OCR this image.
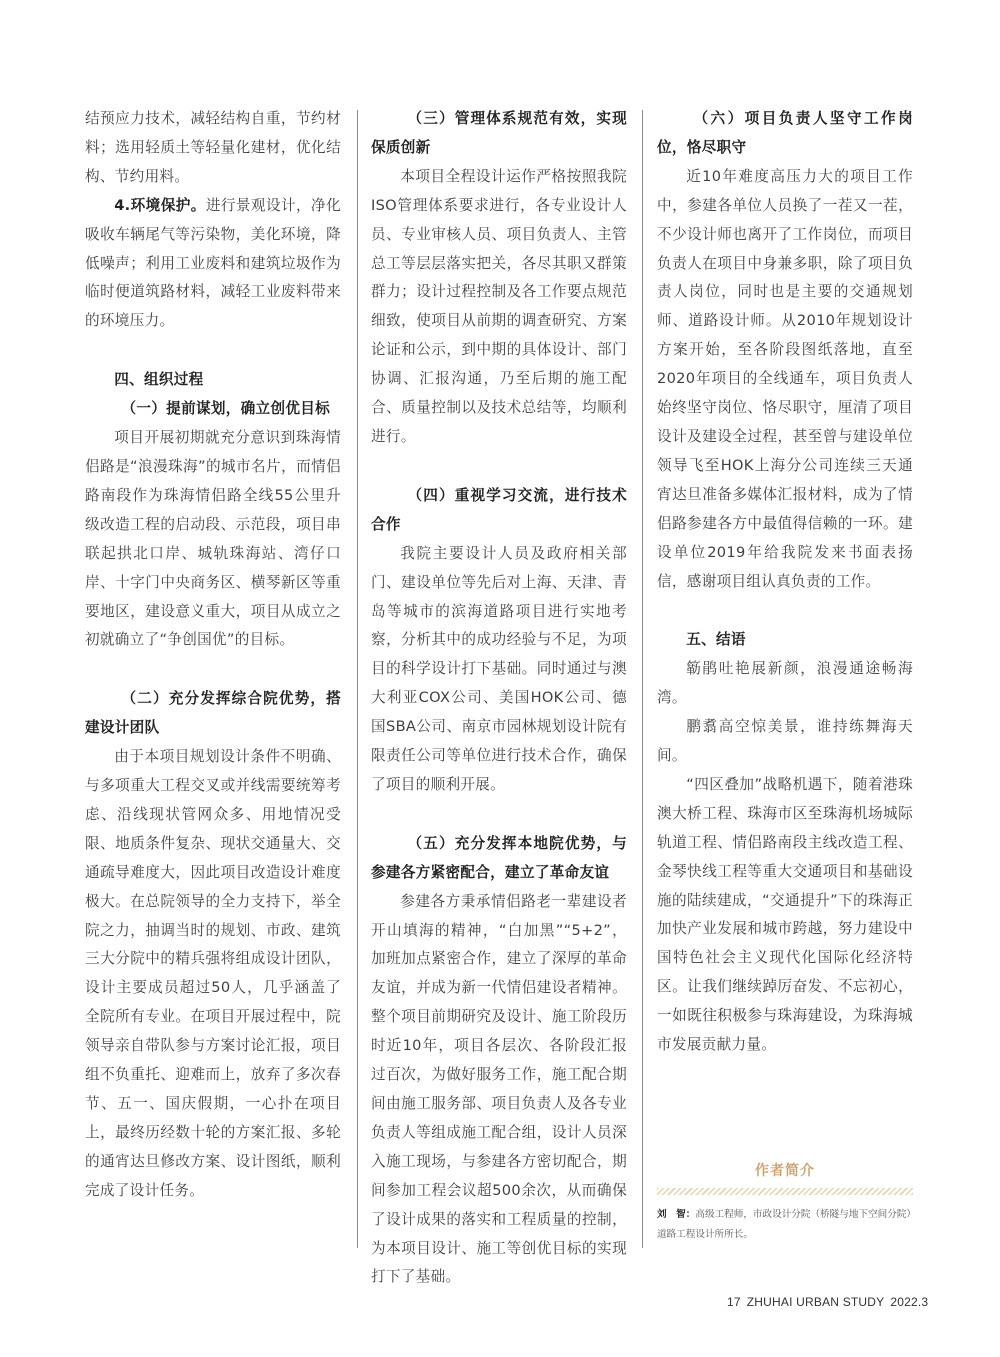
结预应力技术，减轻结构自重，节约材料；选用轻质土等轻量化建材，优化结构、节约用料。

4.环境保护。进行景观设计，净化吸收车辆尾气等污染物，美化环境，降低噪声；利用工业废料和建筑垃圾作为临时便道筑路材料，减轻工业废料带来的环境压力。

四、组织过程

（一）提前谋划，确立创优目标

项目开展初期就充分意识到珠海情侣路是“浪漫珠海”的城市名片，而情侣路南段作为珠海情侣路全线55公里升级改造工程的启动段、示范段，项目串联起拱北口岸、城轨珠海站、湾仔口岸、十字门中央商务区、横琴新区等重要地区，建设意义重大，项目从成立之初就确立了“争创国优”的目标。

（二）充分发挥综合院优势，搭建设计团队

由于本项目规划设计条件不明确、与多项重大工程交叉或并线需要统筹考虑、沿线现状管网众多、用地情况受限、地质条件复杂、现状交通量大、交通疏导难度大，因此项目改造设计难度极大。在总院领导的全力支持下，举全院之力，抽调当时的规划、市政、建筑三大分院中的精兵强将组成设计团队，设计主要成员超过50人，几乎涵盖了全院所有专业。在项目开展过程中，院领导亲自带队参与方案讨论汇报，项目组不负重托、迎难而上，放弃了多次春节、五一、国庆假期，一心扑在项目上，最终历经数十轮的方案汇报、多轮的通宵达旦修改方案、设计图纸，顺利完成了设计任务。

（三）管理体系规范有效，实现保质创新

本项目全程设计运作严格按照我院ISO管理体系要求进行，各专业设计人员、专业审核人员、项目负责人、主管总工等层层落实把关，各尽其职又群策群力；设计过程控制及各工作要点规范细致，使项目从前期的调查研究、方案论证和公示，到中期的具体设计、部门协调、汇报沟通，乃至后期的施工配合、质量控制以及技术总结等，均顺利进行。

（四）重视学习交流，进行技术合作

我院主要设计人员及政府相关部门、建设单位等先后对上海、天津、青岛等城市的滨海道路项目进行实地考察，分析其中的成功经验与不足，为项目的科学设计打下基础。同时通过与澳大利亚COX公司、美国HOK公司、德国SBA公司、南京市园林规划设计院有限责任公司等单位进行技术合作，确保了项目的顺利开展。

（五）充分发挥本地院优势，与参建各方紧密配合，建立了革命友谊

参建各方秉承情侣路老一辈建设者开山填海的精神，“白加黑”“5+2”，加班加点紧密合作，建立了深厚的革命友谊，并成为新一代情侣建设者精神。整个项目前期研究及设计、施工阶段历时近10年，项目各层次、各阶段汇报过百次，为做好服务工作，施工配合期间由施工服务部、项目负责人及各专业负责人等组成施工配合组，设计人员深入施工现场，与参建各方密切配合，期间参加工程会议超500余次，从而确保了设计成果的落实和工程质量的控制，为本项目设计、施工等创优目标的实现打下了基础。

（六）项目负责人坚守工作岗位，恪尽职守

近10年难度高压力大的项目工作中，参建各单位人员换了一茬又一茬，不少设计师也离开了工作岗位，而项目负责人在项目中身兼多职，除了项目负责人岗位，同时也是主要的交通规划师、道路设计师。从2010年规划设计方案开始，至各阶段图纸落地，直至2020年项目的全线通车，项目负责人始终坚守岗位、恪尽职守，厘清了项目设计及建设全过程，甚至曾与建设单位领导飞至HOK上海分公司连续三天通宵达旦准备多媒体汇报材料，成为了情侣路参建各方中最值得信赖的一环。建设单位2019年给我院发来书面表扬信，感谢项目组认真负责的工作。

五、结语

簕鹃吐艳展新颜，浪漫通途畅海湾。

鹏翥高空惊美景，谁持练舞海天间。

“四区叠加”战略机遇下，随着港珠澳大桥工程、珠海市区至珠海机场城际轨道工程、情侣路南段主线改造工程、金琴快线工程等重大交通项目和基础设施的陆续建成，“交通提升”下的珠海正加快产业发展和城市跨越，努力建设中国特色社会主义现代化国际化经济特区。让我们继续踔厉奋发、不忘初心，一如既往积极参与珠海建设，为珠海城市发展贡献力量。

作者简介
刘　智：高级工程师，市政设计分院（桥隧与地下空间分院）道路工程设计所所长。
17 ZHUHAI URBAN STUDY 2022.3
